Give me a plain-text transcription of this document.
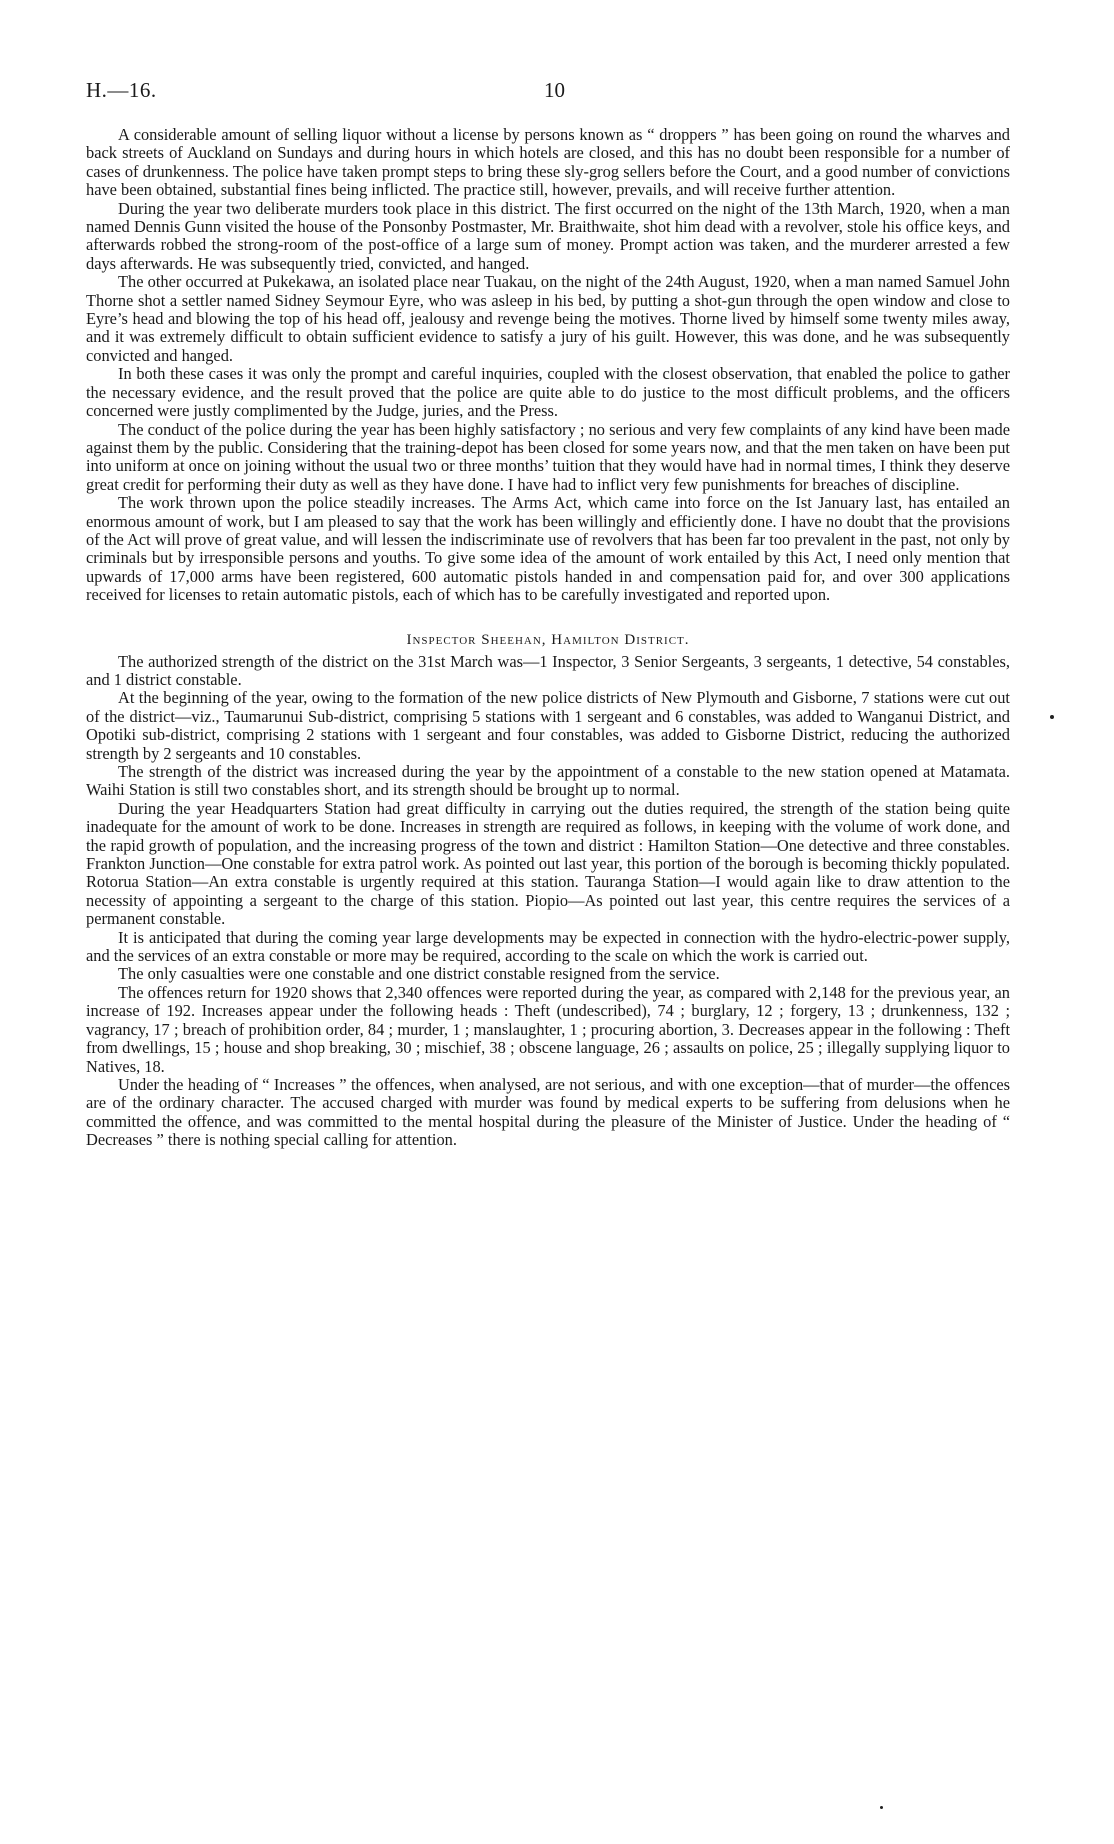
H.—16.	10

A considerable amount of selling liquor without a license by persons known as “ droppers ” has been going on round the wharves and back streets of Auckland on Sundays and during hours in which hotels are closed, and this has no doubt been responsible for a number of cases of drunkenness. The police have taken prompt steps to bring these sly-grog sellers before the Court, and a good number of convictions have been obtained, substantial fines being inflicted. The practice still, however, prevails, and will receive further attention.

During the year two deliberate murders took place in this district. The first occurred on the night of the 13th March, 1920, when a man named Dennis Gunn visited the house of the Ponsonby Postmaster, Mr. Braithwaite, shot him dead with a revolver, stole his office keys, and afterwards robbed the strong-room of the post-office of a large sum of money. Prompt action was taken, and the murderer arrested a few days afterwards. He was subsequently tried, convicted, and hanged.

The other occurred at Pukekawa, an isolated place near Tuakau, on the night of the 24th August, 1920, when a man named Samuel John Thorne shot a settler named Sidney Seymour Eyre, who was asleep in his bed, by putting a shot-gun through the open window and close to Eyre’s head and blowing the top of his head off, jealousy and revenge being the motives. Thorne lived by himself some twenty miles away, and it was extremely difficult to obtain sufficient evidence to satisfy a jury of his guilt. However, this was done, and he was subsequently convicted and hanged.

In both these cases it was only the prompt and careful inquiries, coupled with the closest observation, that enabled the police to gather the necessary evidence, and the result proved that the police are quite able to do justice to the most difficult problems, and the officers concerned were justly complimented by the Judge, juries, and the Press.

The conduct of the police during the year has been highly satisfactory ; no serious and very few complaints of any kind have been made against them by the public. Considering that the training-depot has been closed for some years now, and that the men taken on have been put into uniform at once on joining without the usual two or three months’ tuition that they would have had in normal times, I think they deserve great credit for performing their duty as well as they have done. I have had to inflict very few punishments for breaches of discipline.

The work thrown upon the police steadily increases. The Arms Act, which came into force on the Ist January last, has entailed an enormous amount of work, but I am pleased to say that the work has been willingly and efficiently done. I have no doubt that the provisions of the Act will prove of great value, and will lessen the indiscriminate use of revolvers that has been far too prevalent in the past, not only by criminals but by irresponsible persons and youths. To give some idea of the amount of work entailed by this Act, I need only mention that upwards of 17,000 arms have been registered, 600 automatic pistols handed in and compensation paid for, and over 300 applications received for licenses to retain automatic pistols, each of which has to be carefully investigated and reported upon.

Inspector Sheehan, Hamilton District.

The authorized strength of the district on the 31st March was—1 Inspector, 3 Senior Sergeants, 3 sergeants, 1 detective, 54 constables, and 1 district constable.

At the beginning of the year, owing to the formation of the new police districts of New Plymouth and Gisborne, 7 stations were cut out of the district—viz., Taumarunui Sub-district, comprising 5 stations with 1 sergeant and 6 constables, was added to Wanganui District, and Opotiki sub-district, comprising 2 stations with 1 sergeant and four constables, was added to Gisborne District, reducing the authorized strength by 2 sergeants and 10 constables.

The strength of the district was increased during the year by the appointment of a constable to the new station opened at Matamata. Waihi Station is still two constables short, and its strength should be brought up to normal.

During the year Headquarters Station had great difficulty in carrying out the duties required, the strength of the station being quite inadequate for the amount of work to be done. Increases in strength are required as follows, in keeping with the volume of work done, and the rapid growth of population, and the increasing progress of the town and district : Hamilton Station—One detective and three constables. Frankton Junction—One constable for extra patrol work. As pointed out last year, this portion of the borough is becoming thickly populated. Rotorua Station—An extra constable is urgently required at this station. Tauranga Station—I would again like to draw attention to the necessity of appointing a sergeant to the charge of this station. Piopio—As pointed out last year, this centre requires the services of a permanent constable.

It is anticipated that during the coming year large developments may be expected in connection with the hydro-electric-power supply, and the services of an extra constable or more may be required, according to the scale on which the work is carried out.

The only casualties were one constable and one district constable resigned from the service.

The offences return for 1920 shows that 2,340 offences were reported during the year, as compared with 2,148 for the previous year, an increase of 192. Increases appear under the following heads : Theft (undescribed), 74 ; burglary, 12 ; forgery, 13 ; drunkenness, 132 ; vagrancy, 17 ; breach of prohibition order, 84 ; murder, 1 ; manslaughter, 1 ; procuring abortion, 3. Decreases appear in the following : Theft from dwellings, 15 ; house and shop breaking, 30 ; mischief, 38 ; obscene language, 26 ; assaults on police, 25 ; illegally supplying liquor to Natives, 18.

Under the heading of “ Increases ” the offences, when analysed, are not serious, and with one exception—that of murder—the offences are of the ordinary character. The accused charged with murder was found by medical experts to be suffering from delusions when he committed the offence, and was committed to the mental hospital during the pleasure of the Minister of Justice. Under the heading of “ Decreases ” there is nothing special calling for attention.
